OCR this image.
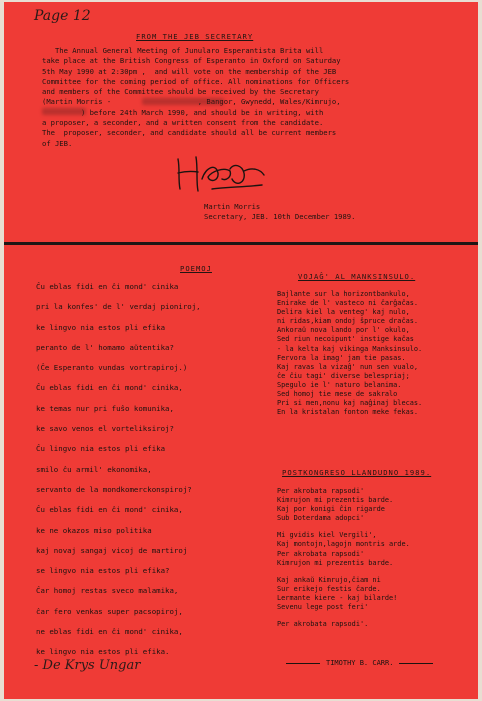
Page 12
FROM THE JEB SECRETARY
The Annual General Meeting of Junularo Esperantista Brita will
take place at the British Congress of Esperanto in Oxford on Saturday
5th May 1990 at 2:30pm ,  and will vote on the membership of the JEB
Committee for the coming period of office. All nominations for Officers
and members of the Committee should be received by the Secretary
(Martin Morris -                    , Bangor, Gwynedd, Wales/Kimrujo,
) before 24th March 1990, and should be in writing, with
a proposer, a seconder, and a written consent from the candidate.
The  proposer, seconder, and candidate should all be current members
of JEB.
Martin Morris
Secretary, JEB. 10th December 1989.
POEMOJ
Ĉu eblas fidi en ĉi mond' cinika
pri la konfes' de l' verdaj pioniroj,
ke lingvo nia estos pli efika
peranto de l' homamo aŭtentika?
(Ĉe Esperanto vundas vortrapiroj.)
Ĉu eblas fidi en ĉi mond' cinika,
ke temas nur pri fuŝo komunika,
ke savo venos el vorteliksiroj?
Ĉu lingvo nia estos pli efika
smilo ĉu armil' ekonomika,
servanto de la mondkomerckonspiroj?
Ĉu eblas fidi en ĉi mond' cinika,
ke ne okazos miso politika
kaj novaj sangaj vicoj de martiroj
se lingvo nia estos pli efika?
Ĉar homoj restas sveco malamika,
ĉar fero venkas super pacsopiroj,
ne eblas fidi en ĉi mond' cinika,
ke lingvo nia estos pli efika.
- De Krys Ungar
VOJAĜ' AL MANKSINSULO.
Bajlante sur la horizontbankulo,
Enirake de l' vasteco ni ĉarĝaĉas.
Delira kiel la venteg' kaj nulo,
ni ridas,kiam ondoj ŝpruce draĉas.
Ankoraŭ nova lando por l' okulo,
Sed riun necoipunt' instige kaĉas
- la kelta kaj vikinga Manksinsulo.
Fervora la imag' jam tie pasas.
Kaj ravas la vizaĝ' nun sen vualo,
ĉe ĉiu tagi' diverse belespriaj;
Spegulo ie l' naturo belanima.
Sed homoj tie mese de sakralo
Pri si men,nonu kaj naĝinaj blecas.
En la kristalan fonton meke fekas.
POSTKONGRESO LLANDUDNO 1989.
Per akrobata rapsodi'
Kimrujon mi prezentis barde.
Kaj por konigi ĉin rigarde
Sub Doterdama adopci'
Mi gvidis kiel Vergili',
Kaj montojn,lagojn montris arde.
Per akrobata rapsodi'
Kimrujon mi prezentis barde.
Kaj ankaŭ Kimrujo,ĉiam ni
Sur erikejo festis ĉarde.
Lermante kiere - kaj bilarde!
Sevenu lege post feri'
Per akrobata rapsodi'.
TIMOTHY B. CARR.
